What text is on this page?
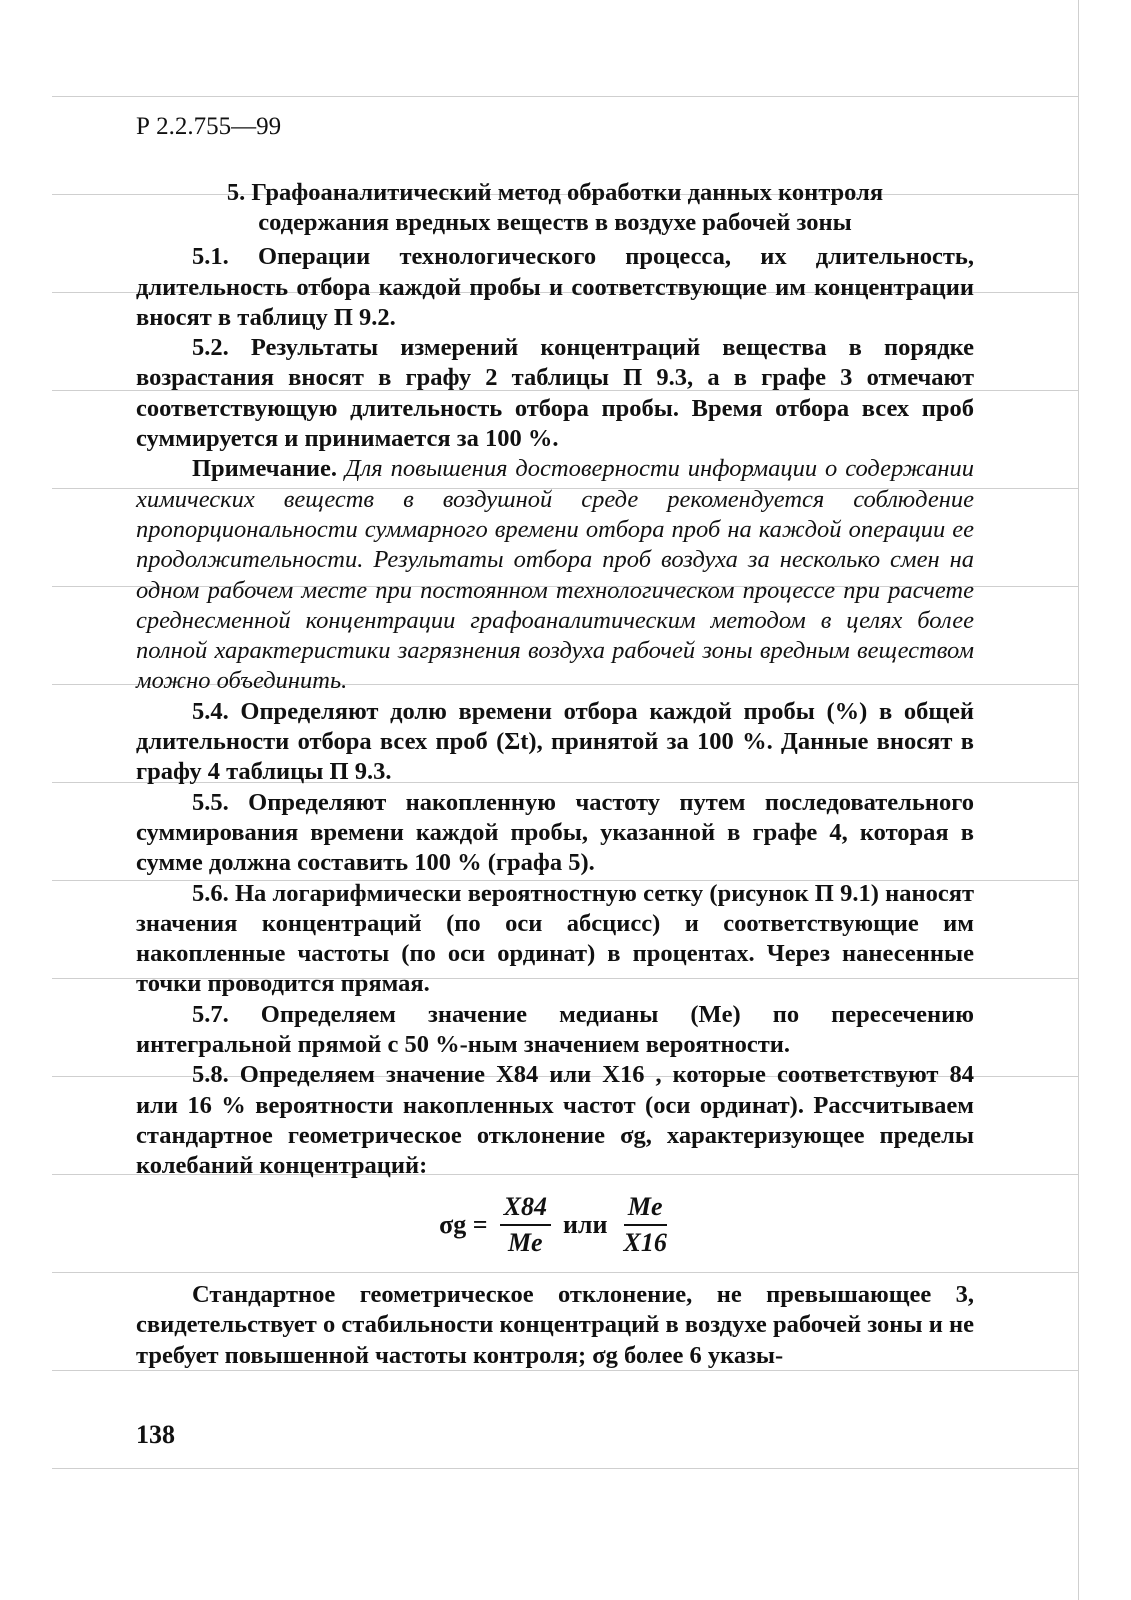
Р 2.2.755—99
5. Графоаналитический метод обработки данных контроля
содержания вредных веществ в воздухе рабочей зоны

5.1. Операции технологического процесса, их длительность, длительность отбора каждой пробы и соответствующие им концентрации вносят в таблицу П 9.2.

5.2. Результаты измерений концентраций вещества в порядке возрастания вносят в графу 2 таблицы П 9.3, а в графе 3 отмечают соответствующую длительность отбора пробы. Время отбора всех проб суммируется и принимается за 100 %.

Примечание. Для повышения достоверности информации о содержании химических веществ в воздушной среде рекомендуется соблюдение пропорциональности суммарного времени отбора проб на каждой операции ее продолжительности. Результаты отбора проб воздуха за несколько смен на одном рабочем месте при постоянном технологическом процессе при расчете среднесменной концентрации графоаналитическим методом в целях более полной характеристики загрязнения воздуха рабочей зоны вредным веществом можно объединить.

5.4. Определяют долю времени отбора каждой пробы (%) в общей длительности отбора всех проб (Σt), принятой за 100 %. Данные вносят в графу 4 таблицы П 9.3.

5.5. Определяют накопленную частоту путем последовательного суммирования времени каждой пробы, указанной в графе 4, которая в сумме должна составить 100 % (графа 5).

5.6. На логарифмически вероятностную сетку (рисунок П 9.1) наносят значения концентраций (по оси абсцисс) и соответствующие им накопленные частоты (по оси ординат) в процентах. Через нанесенные точки проводится прямая.

5.7. Определяем значение медианы (Me) по пересечению интегральной прямой с 50 %-ным значением вероятности.

5.8. Определяем значение X84 или X16 , которые соответствуют 84 или 16 % вероятности накопленных частот (оси ординат). Рассчитываем стандартное геометрическое отклонение σg, характеризующее пределы колебаний концентраций:

$\sigma g = \frac{X84}{Me}$ или $\frac{Me}{X16}$

Стандартное геометрическое отклонение, не превышающее 3, свидетельствует о стабильности концентраций в воздухе рабочей зоны и не требует повышенной частоты контроля; σg более 6 указы-

138
